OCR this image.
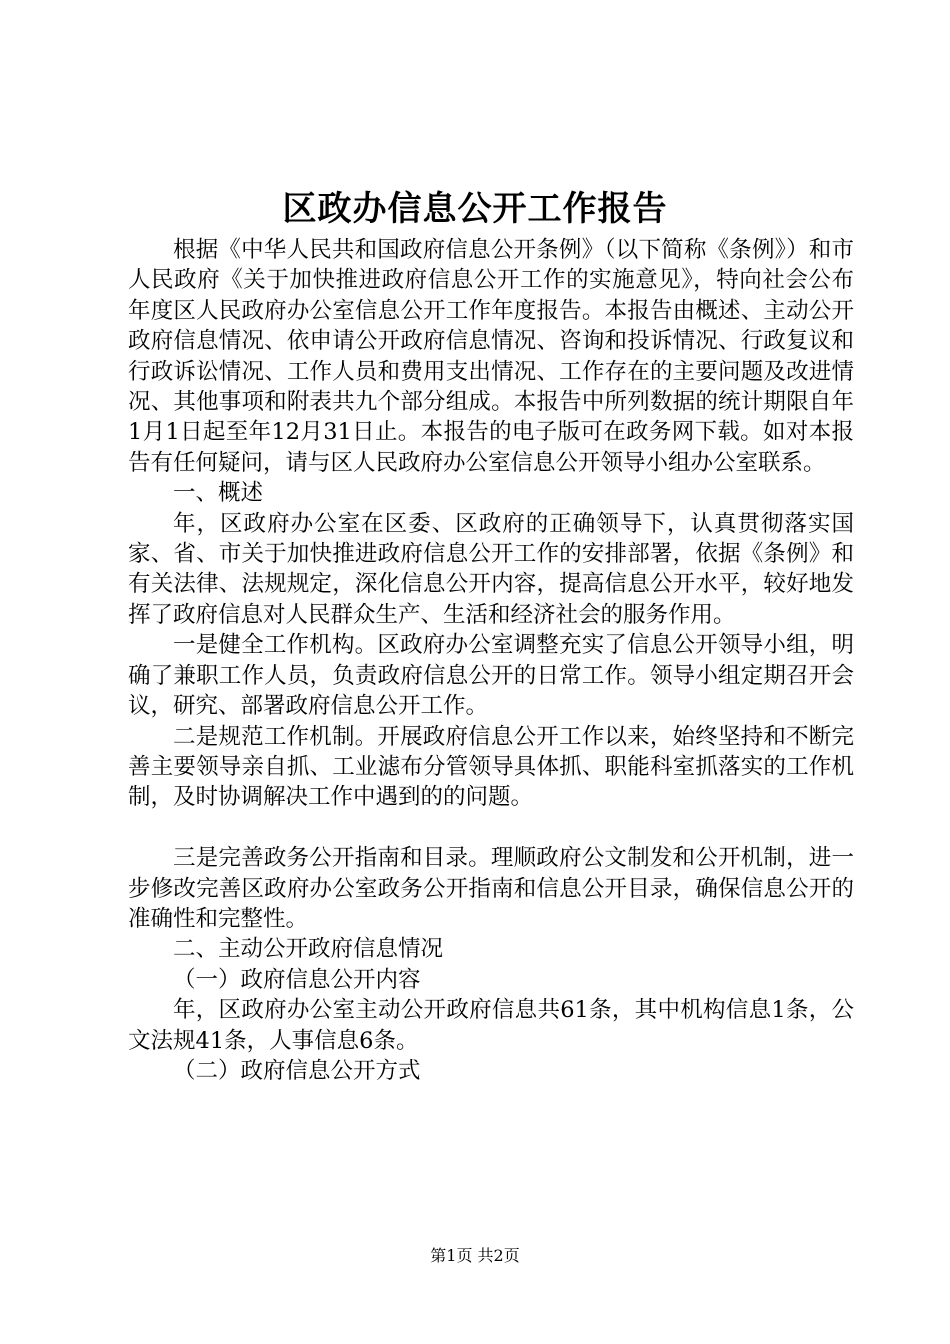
区政办信息公开工作报告

根据《中华人民共和国政府信息公开条例》（以下简称《条例》）和市人民政府《关于加快推进政府信息公开工作的实施意见》，特向社会公布年度区人民政府办公室信息公开工作年度报告。本报告由概述、主动公开政府信息情况、依申请公开政府信息情况、咨询和投诉情况、行政复议和行政诉讼情况、工作人员和费用支出情况、工作存在的主要问题及改进情况、其他事项和附表共九个部分组成。本报告中所列数据的统计期限自年1月1日起至年12月31日止。本报告的电子版可在政务网下载。如对本报告有任何疑问，请与区人民政府办公室信息公开领导小组办公室联系。

一、概述

年，区政府办公室在区委、区政府的正确领导下，认真贯彻落实国家、省、市关于加快推进政府信息公开工作的安排部署，依据《条例》和有关法律、法规规定，深化信息公开内容，提高信息公开水平，较好地发挥了政府信息对人民群众生产、生活和经济社会的服务作用。

一是健全工作机构。区政府办公室调整充实了信息公开领导小组，明确了兼职工作人员，负责政府信息公开的日常工作。领导小组定期召开会议，研究、部署政府信息公开工作。

二是规范工作机制。开展政府信息公开工作以来，始终坚持和不断完善主要领导亲自抓、工业滤布分管领导具体抓、职能科室抓落实的工作机制，及时协调解决工作中遇到的的问题。

三是完善政务公开指南和目录。理顺政府公文制发和公开机制，进一步修改完善区政府办公室政务公开指南和信息公开目录，确保信息公开的准确性和完整性。

二、主动公开政府信息情况

（一）政府信息公开内容

年，区政府办公室主动公开政府信息共61条，其中机构信息1条，公文法规41条，人事信息6条。

（二）政府信息公开方式

第1页 共2页
